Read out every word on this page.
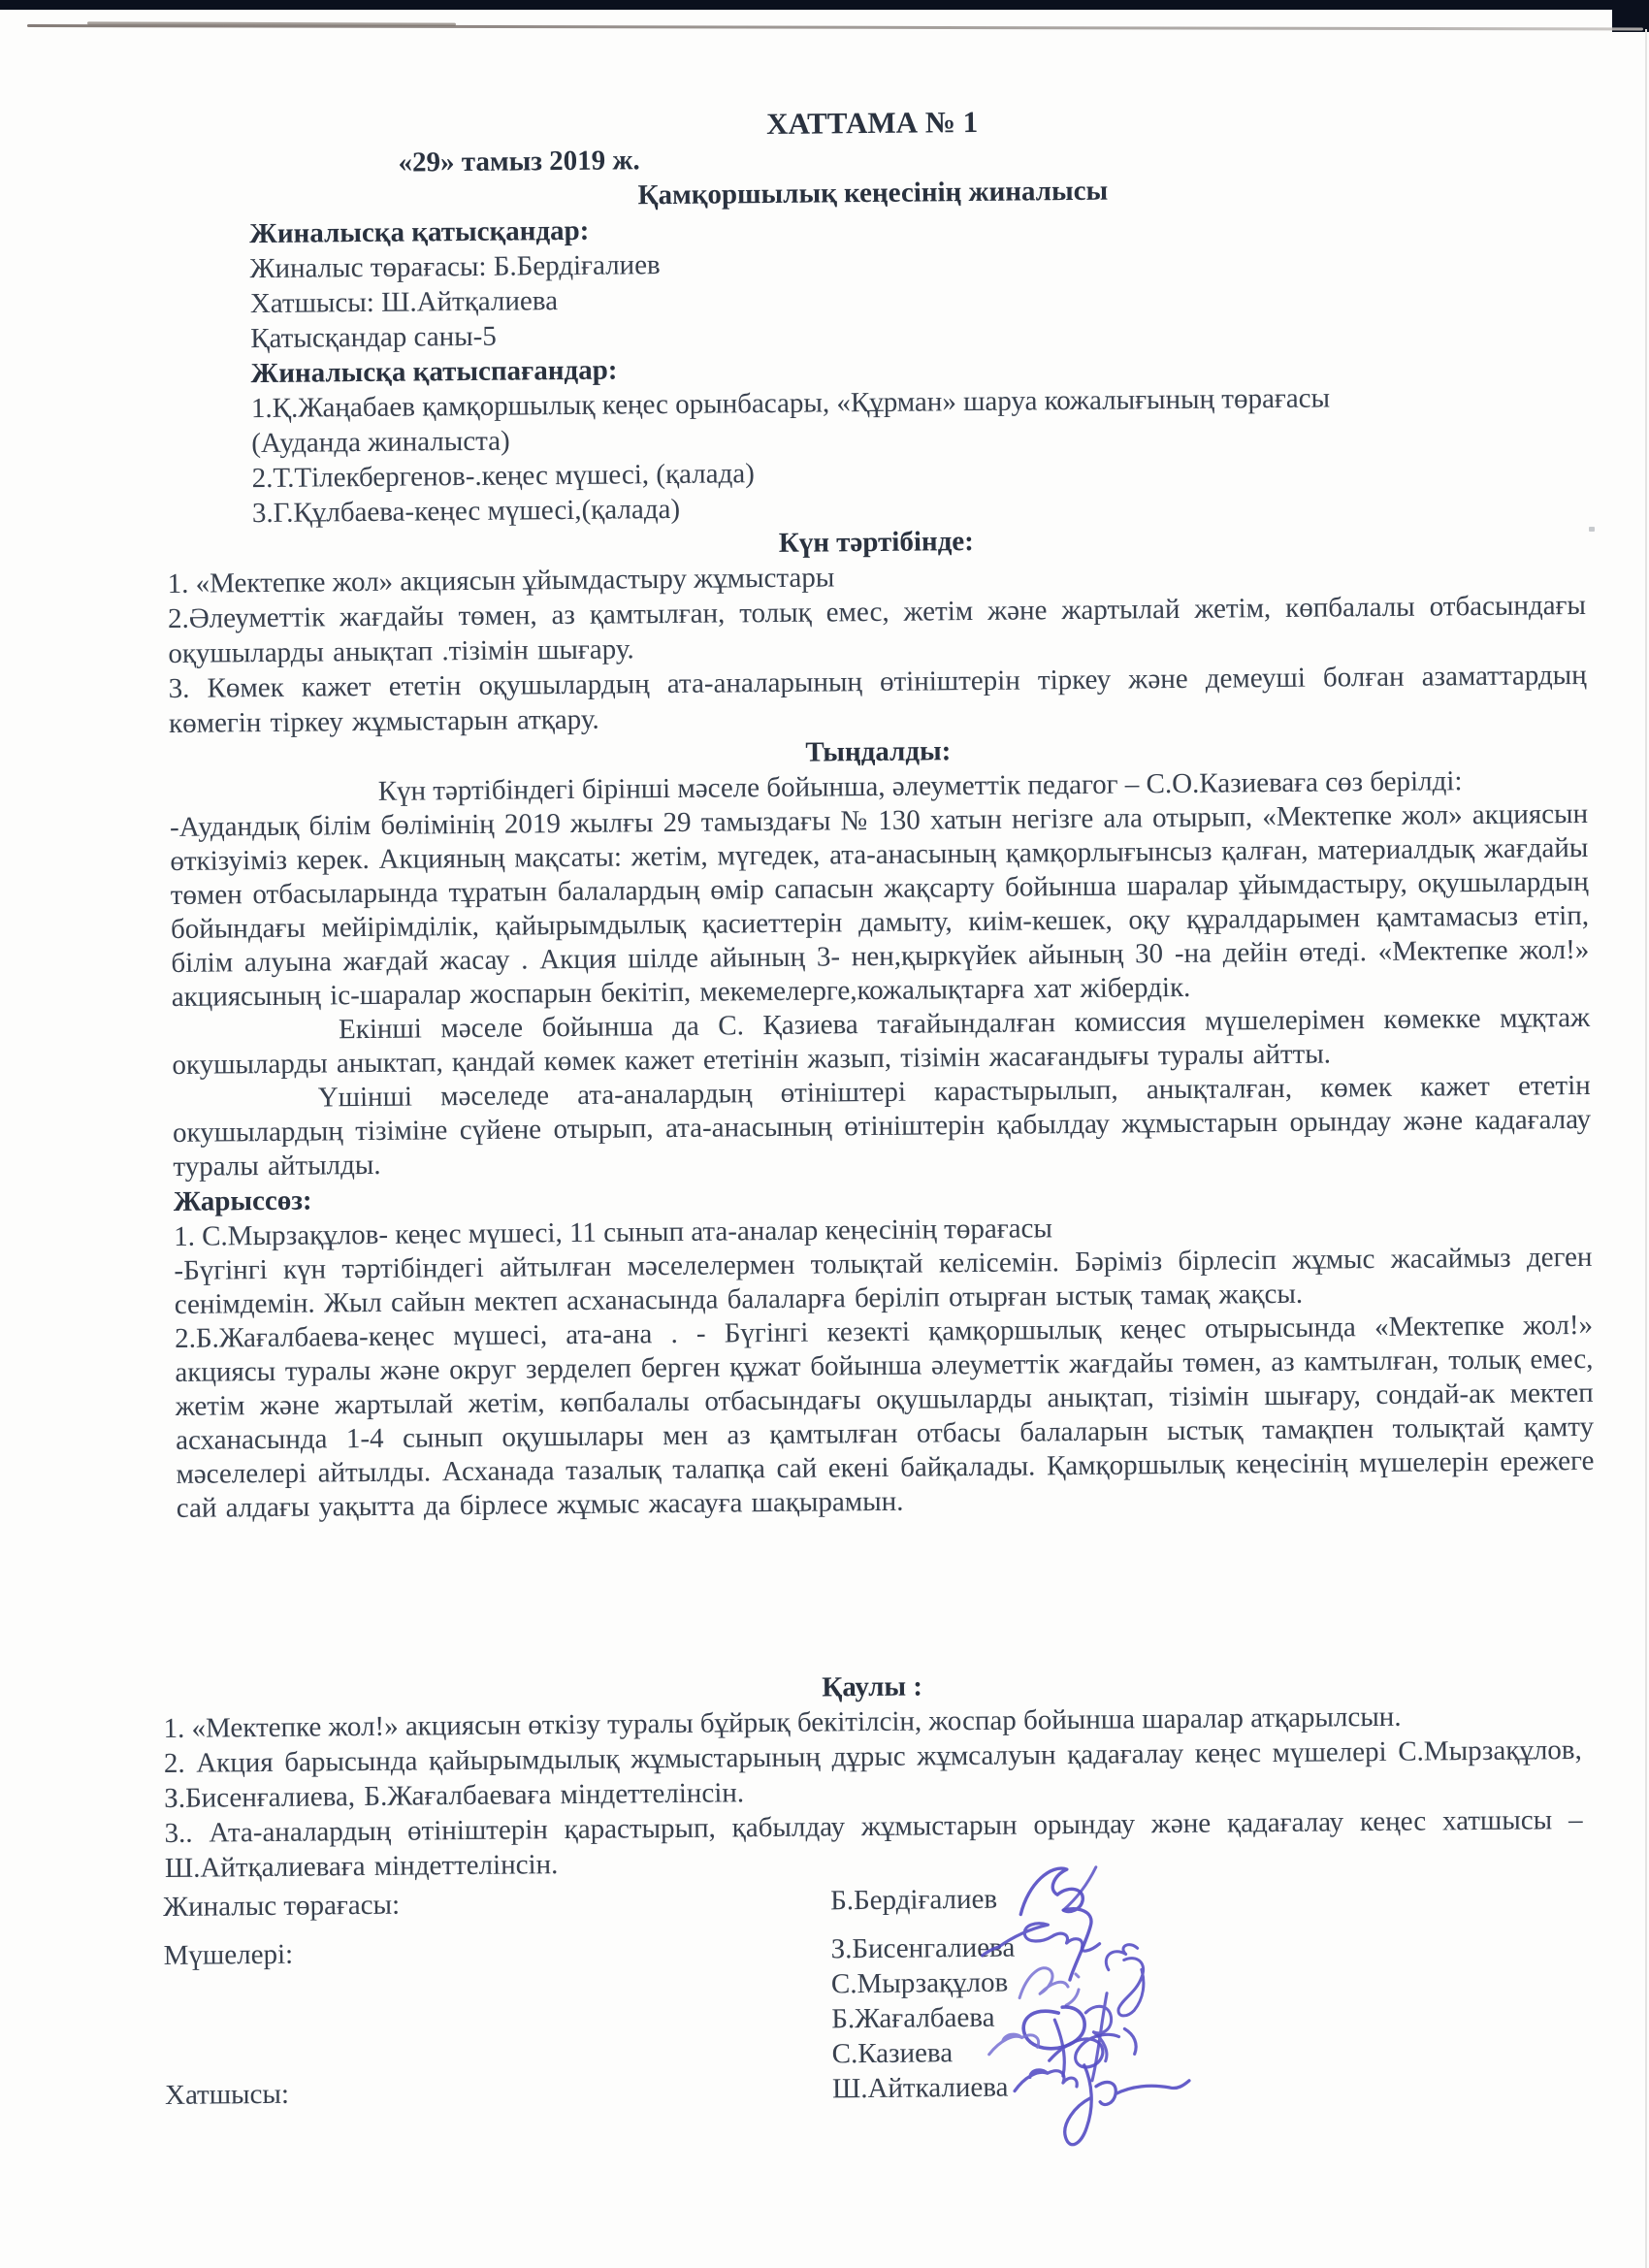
ХАТТАМА № 1

«29» тамыз 2019 ж.

Қамқоршылық кеңесінің жиналысы

Жиналысқа қатысқандар:

Жиналыс төрағасы: Б.Бердіғалиев

Хатшысы: Ш.Айтқалиева

Қатысқандар саны-5

Жиналысқа қатыспағандар:

1.Қ.Жаңабаев қамқоршылық кеңес орынбасары, «Құрман» шаруа кожалығының төрағасы

(Ауданда жиналыста)

2.Т.Тілекбергенов-.кеңес мүшесі, (қалада)

3.Г.Құлбаева-кеңес мүшесі,(қалада)

Күн тәртібінде:

1. «Мектепке жол» акциясын ұйымдастыру жұмыстары

2.Әлеуметтік жағдайы төмен, аз қамтылған, толық емес, жетім және жартылай жетім, көпбалалы отбасындағы оқушыларды анықтап .тізімін шығару.

3. Көмек кажет ететін оқушылардың ата-аналарының өтініштерін тіркеу және демеуші болған азаматтардың көмегін тіркеу жұмыстарын атқару.

Тыңдалды:

Күн тәртібіндегі бірінші мәселе бойынша, әлеуметтік педагог – С.О.Казиеваға сөз берілді:

-Аудандық білім бөлімінің 2019 жылғы 29 тамыздағы № 130 хатын негізге ала отырып, «Мектепке жол» акциясын өткізуіміз керек. Акцияның мақсаты: жетім, мүгедек, ата-анасының қамқорлығынсыз қалған, материалдық жағдайы төмен отбасыларында тұратын балалардың өмір сапасын жақсарту бойынша шаралар ұйымдастыру, оқушылардың бойындағы мейірімділік, қайырымдылық қасиеттерін дамыту, киім-кешек, оқу құралдарымен қамтамасыз етіп, білім алуына жағдай жасау . Акция шілде айының 3- нен,қыркүйек айының 30 -на дейін өтеді. «Мектепке жол!» акциясының іс-шаралар жоспарын бекітіп, мекемелерге,кожалықтарға хат жібердік.

Екінші мәселе бойынша да С. Қазиева тағайындалған комиссия мүшелерімен көмекке мұқтаж окушыларды аныктап, қандай көмек кажет ететінін жазып, тізімін жасағандығы туралы айтты.

Үшінші мәселеде ата-аналардың өтініштері карастырылып, анықталған, көмек кажет ететін окушылардың тізіміне сүйене отырып, ата-анасының өтініштерін қабылдау жұмыстарын орындау және кадағалау туралы айтылды.

Жарыссөз:

1. С.Мырзақұлов- кеңес мүшесі, 11 сынып ата-аналар кеңесінің төрағасы

-Бүгінгі күн тәртібіндегі айтылған мәселелермен толықтай келісемін. Бәріміз бірлесіп жұмыс жасаймыз деген сенімдемін. Жыл сайын мектеп асханасында балаларға беріліп отырған ыстық тамақ жақсы.

2.Б.Жағалбаева-кеңес мүшесі, ата-ана . - Бүгінгі кезекті қамқоршылық кеңес отырысында «Мектепке жол!» акциясы туралы және округ зерделеп берген құжат бойынша әлеуметтік жағдайы төмен, аз камтылған, толық емес, жетім және жартылай жетім, көпбалалы отбасындағы оқушыларды анықтап, тізімін шығару, сондай-ак мектеп асханасында 1-4 сынып оқушылары мен аз қамтылған отбасы балаларын ыстық тамақпен толықтай қамту мәселелері айтылды. Асханада тазалық талапқа сай екені байқалады. Қамқоршылық кеңесінің мүшелерін ережеге сай алдағы уақытта да бірлесе жұмыс жасауға шақырамын.

Қаулы :

1. «Мектепке жол!» акциясын өткізу туралы бұйрық бекітілсін, жоспар бойынша шаралар атқарылсын.

2. Акция барысында қайырымдылық жұмыстарының дұрыс жұмсалуын қадағалау кеңес мүшелері С.Мырзақұлов, З.Бисенғалиева, Б.Жағалбаеваға міндеттелінсін.

3.. Ата-аналардың өтініштерін қарастырып, қабылдау жұмыстарын орындау және қадағалау кеңес хатшысы – Ш.Айтқалиеваға міндеттелінсін.

Жиналыс төрағасы:	Б.Бердіғалиев
Мүшелері:	З.Бисенгалиева
С.Мырзақұлов
Б.Жағалбаева
С.Казиева
Хатшысы:	Ш.Айткалиева
